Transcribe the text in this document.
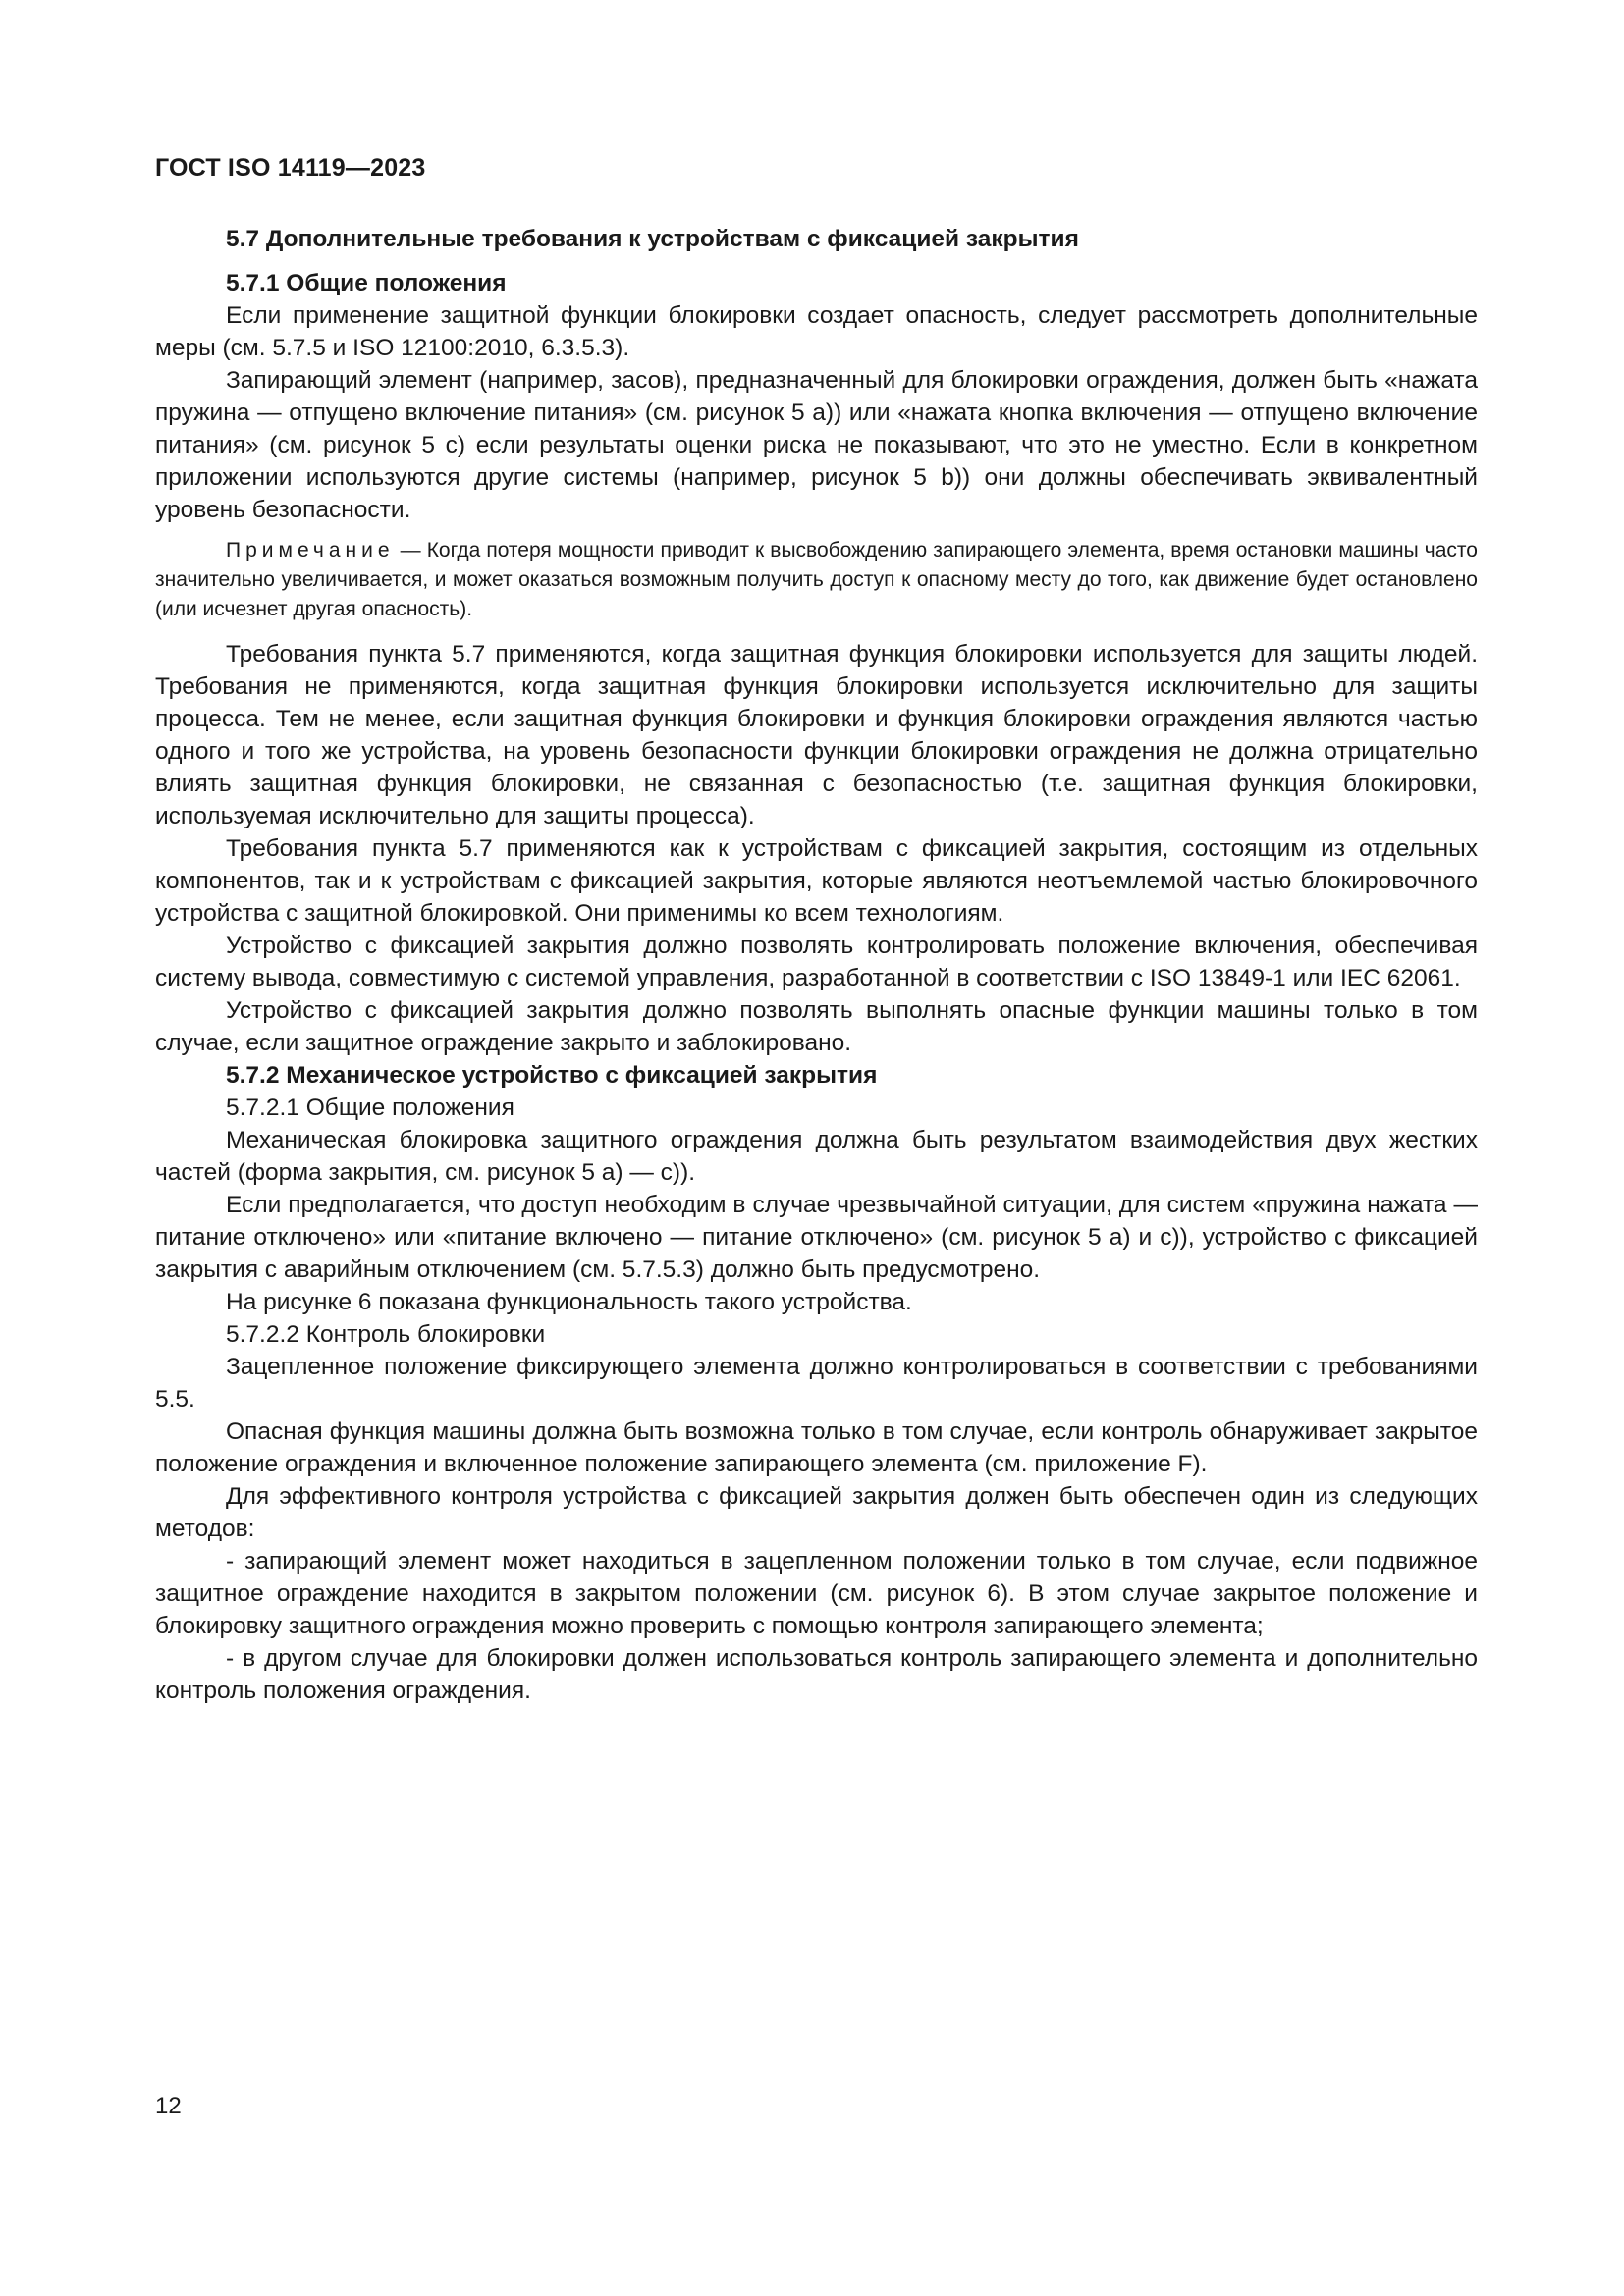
ГОСТ ISO 14119—2023

5.7 Дополнительные требования к устройствам с фиксацией закрытия

5.7.1 Общие положения

Если применение защитной функции блокировки создает опасность, следует рассмотреть дополнительные меры (см. 5.7.5 и ISO 12100:2010, 6.3.5.3).

Запирающий элемент (например, засов), предназначенный для блокировки ограждения, должен быть «нажата пружина — отпущено включение питания» (см. рисунок 5 a)) или «нажата кнопка включения — отпущено включение питания» (см. рисунок 5 c) если результаты оценки риска не показывают, что это не уместно. Если в конкретном приложении используются другие системы (например, рисунок 5 b)) они должны обеспечивать эквивалентный уровень безопасности.

Примечание — Когда потеря мощности приводит к высвобождению запирающего элемента, время остановки машины часто значительно увеличивается, и может оказаться возможным получить доступ к опасному месту до того, как движение будет остановлено (или исчезнет другая опасность).

Требования пункта 5.7 применяются, когда защитная функция блокировки используется для защиты людей. Требования не применяются, когда защитная функция блокировки используется исключительно для защиты процесса. Тем не менее, если защитная функция блокировки и функция блокировки ограждения являются частью одного и того же устройства, на уровень безопасности функции блокировки ограждения не должна отрицательно влиять защитная функция блокировки, не связанная с безопасностью (т.е. защитная функция блокировки, используемая исключительно для защиты процесса).

Требования пункта 5.7 применяются как к устройствам с фиксацией закрытия, состоящим из отдельных компонентов, так и к устройствам с фиксацией закрытия, которые являются неотъемлемой частью блокировочного устройства с защитной блокировкой. Они применимы ко всем технологиям.

Устройство с фиксацией закрытия должно позволять контролировать положение включения, обеспечивая систему вывода, совместимую с системой управления, разработанной в соответствии с ISO 13849-1 или IEC 62061.

Устройство с фиксацией закрытия должно позволять выполнять опасные функции машины только в том случае, если защитное ограждение закрыто и заблокировано.

5.7.2 Механическое устройство с фиксацией закрытия

5.7.2.1 Общие положения

Механическая блокировка защитного ограждения должна быть результатом взаимодействия двух жестких частей (форма закрытия, см. рисунок 5 a) — c)).

Если предполагается, что доступ необходим в случае чрезвычайной ситуации, для систем «пружина нажата — питание отключено» или «питание включено — питание отключено» (см. рисунок 5 a) и c)), устройство с фиксацией закрытия с аварийным отключением (см. 5.7.5.3) должно быть предусмотрено.

На рисунке 6 показана функциональность такого устройства.

5.7.2.2 Контроль блокировки

Зацепленное положение фиксирующего элемента должно контролироваться в соответствии с требованиями 5.5.

Опасная функция машины должна быть возможна только в том случае, если контроль обнаруживает закрытое положение ограждения и включенное положение запирающего элемента (см. приложение F).

Для эффективного контроля устройства с фиксацией закрытия должен быть обеспечен один из следующих методов:

- запирающий элемент может находиться в зацепленном положении только в том случае, если подвижное защитное ограждение находится в закрытом положении (см. рисунок 6). В этом случае закрытое положение и блокировку защитного ограждения можно проверить с помощью контроля запирающего элемента;

- в другом случае для блокировки должен использоваться контроль запирающего элемента и дополнительно контроль положения ограждения.

12
